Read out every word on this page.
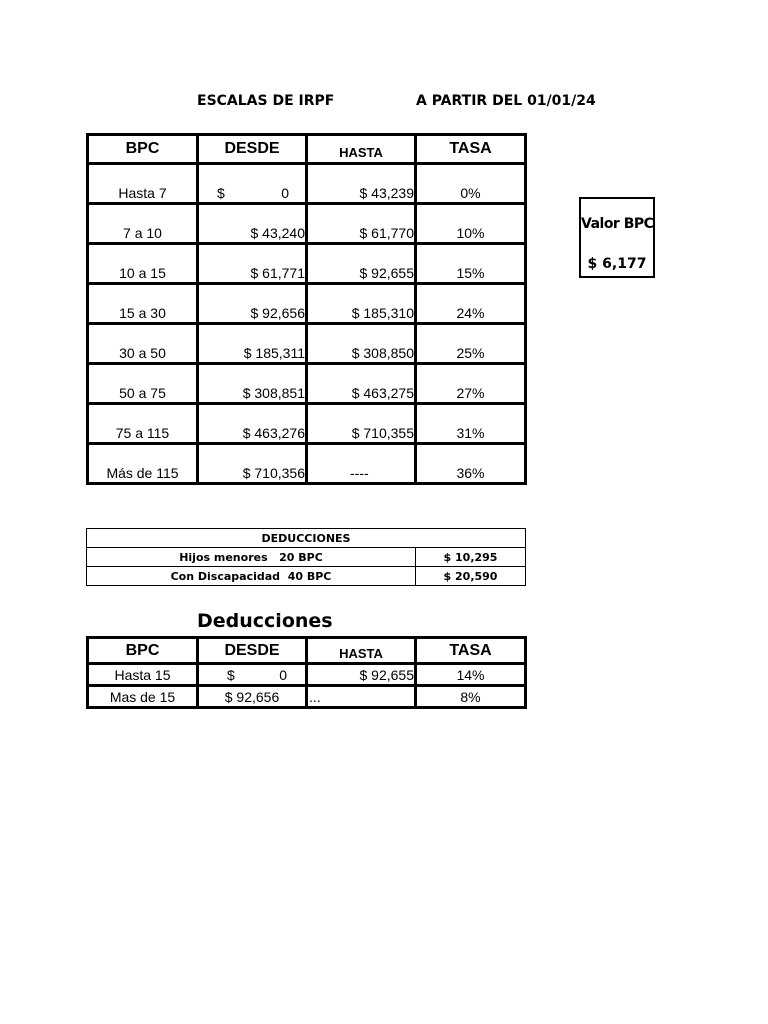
ESCALAS DE IRPF	A PARTIR DEL 01/01/24
BPC	DESDE	HASTA	TASA
Hasta 7	$ 0	$ 43,239	0%
7 a 10	$ 43,240	$ 61,770	10%
10 a 15	$ 61,771	$ 92,655	15%
15 a 30	$ 92,656	$ 185,310	24%
30 a 50	$ 185,311	$ 308,850	25%
50 a 75	$ 308,851	$ 463,275	27%
75 a 115	$ 463,276	$ 710,355	31%
Más de 115	$ 710,356	----	36%
Valor BPC
$ 6,177
DEDUCCIONES	
Hijos menores   20 BPC	$ 10,295
Con Discapacidad  40 BPC	$ 20,590
Deducciones
BPC	DESDE	HASTA	TASA
Hasta 15	$ 0	$ 92,655	14%
Mas de 15	$ 92,656	...	8%
